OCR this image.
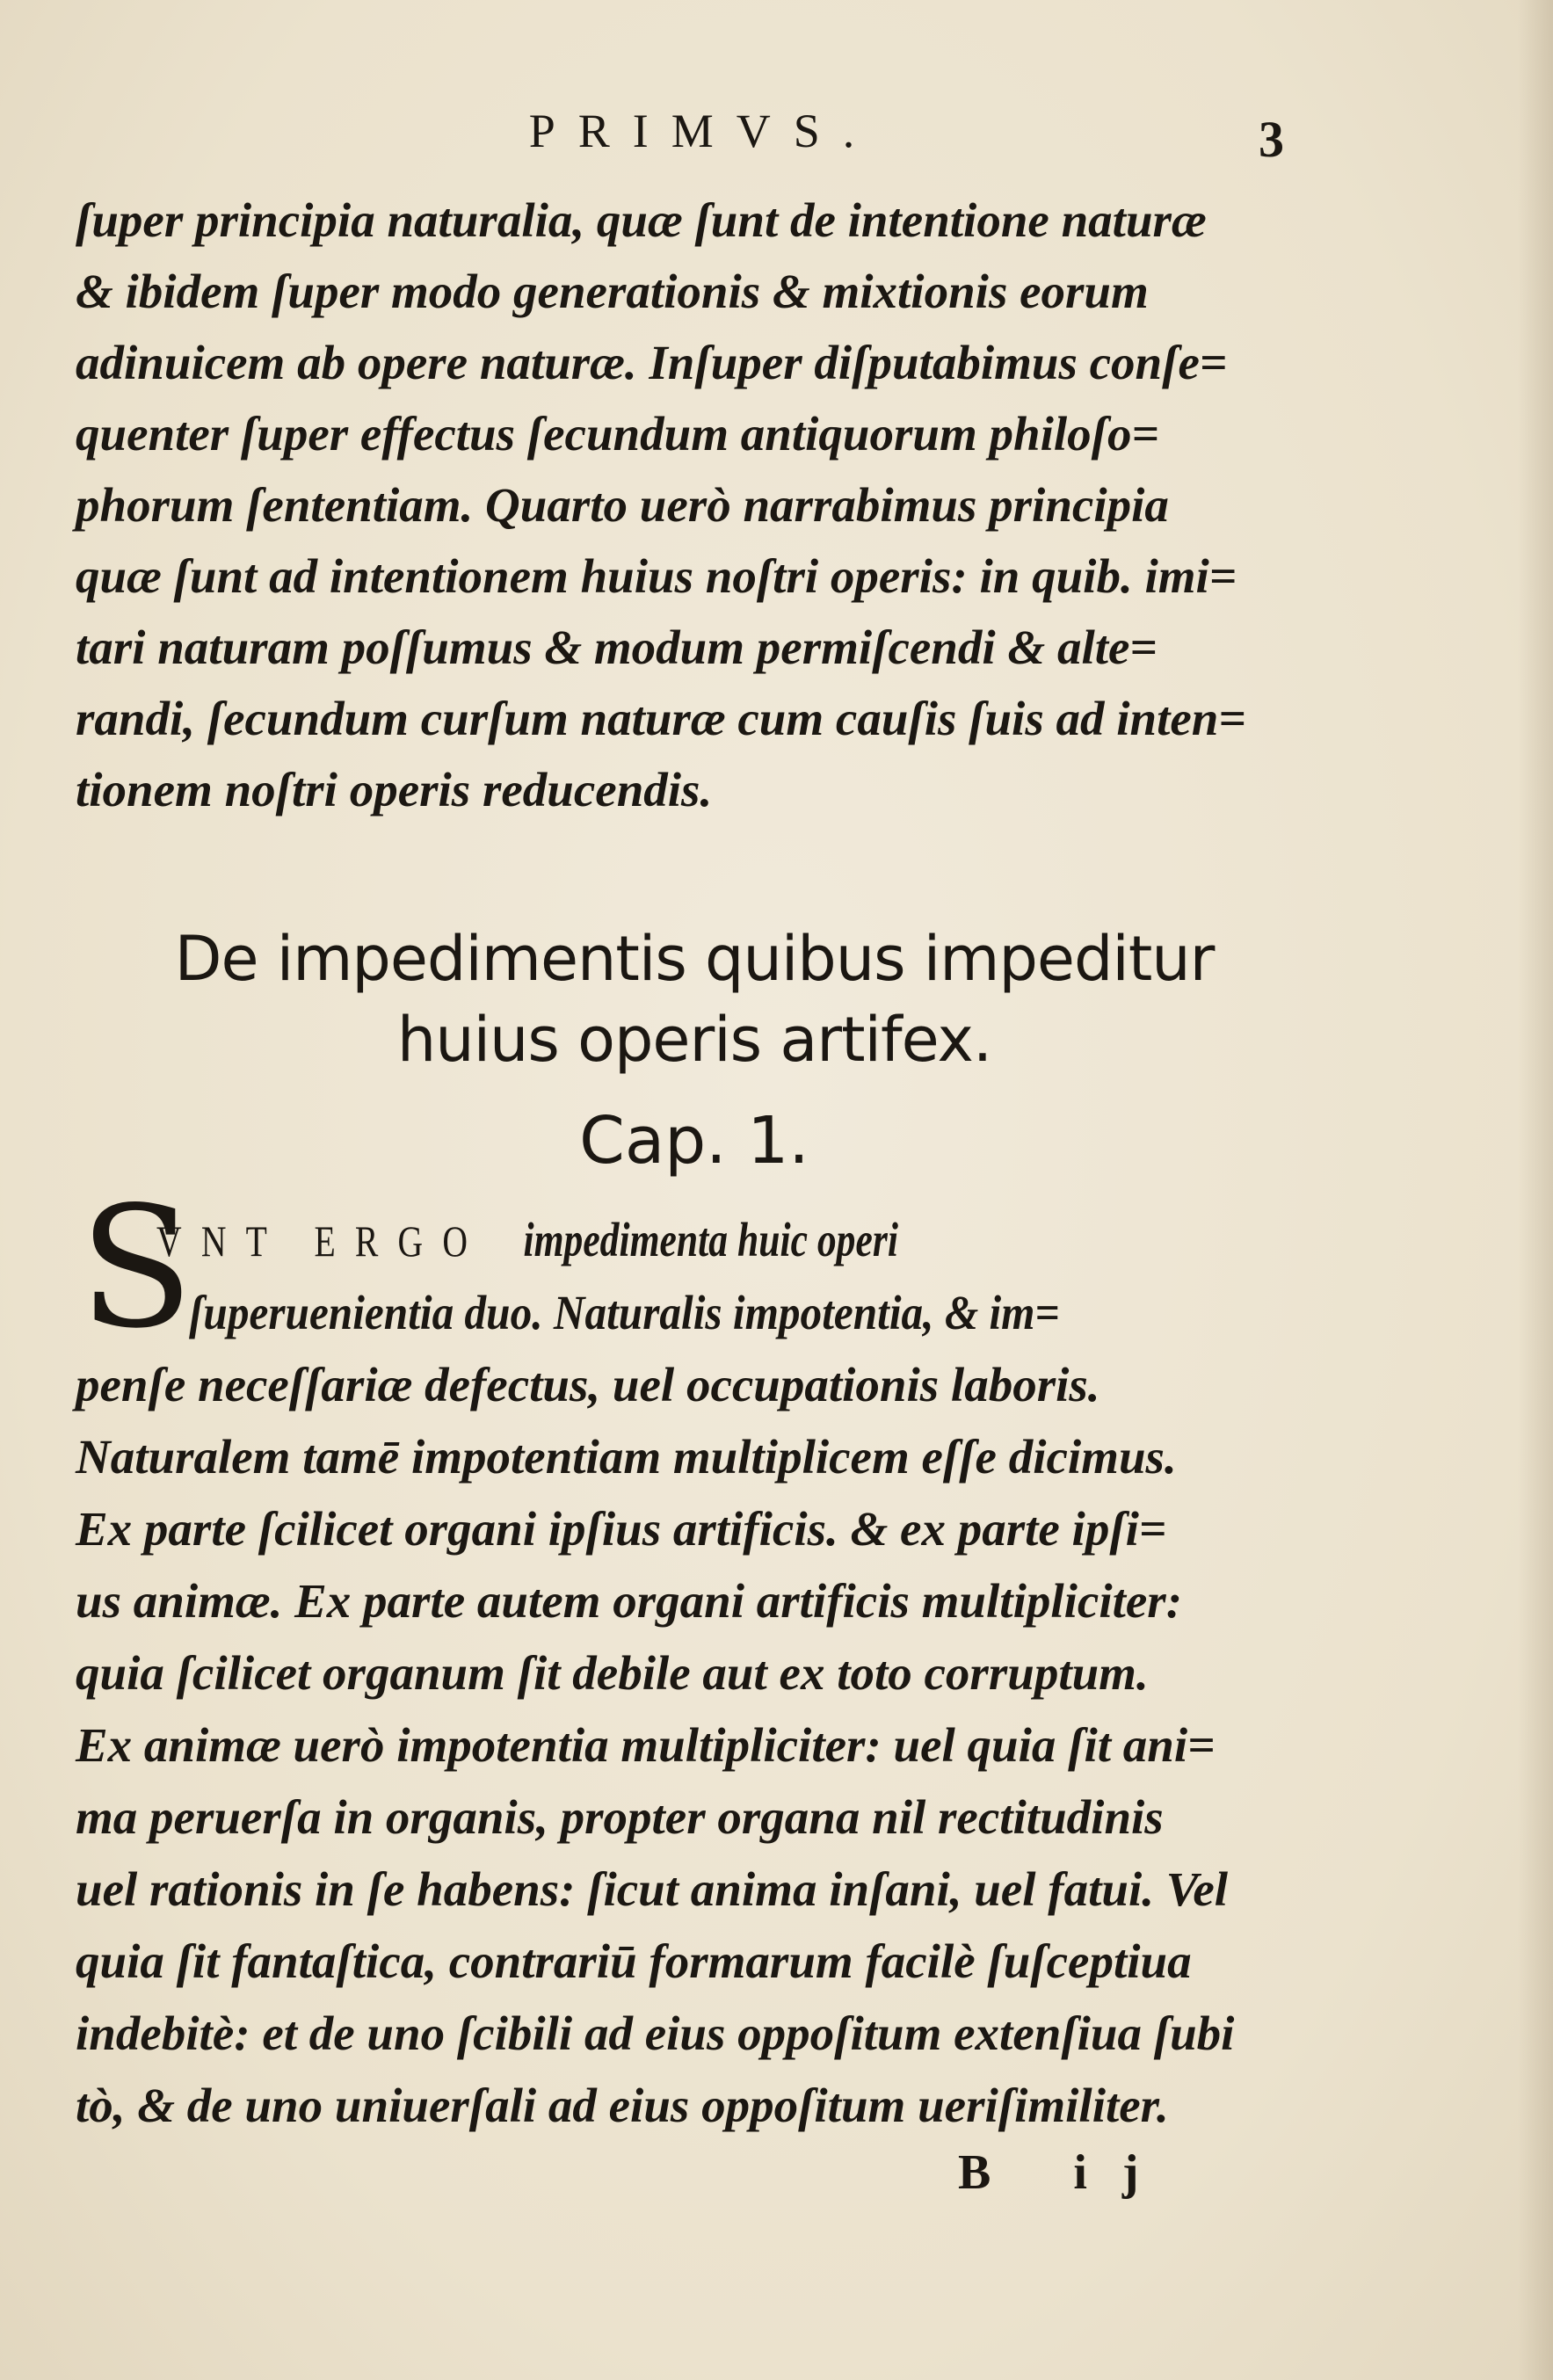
PRIMVS.	3
ſuper principia naturalia, quæ ſunt de intentione naturæ
& ibidem ſuper modo generationis & mixtionis eorum
adinuicem ab opere naturæ. Inſuper diſputabimus conſe=
quenter ſuper effectus ſecundum antiquorum philoſo=
phorum ſententiam. Quarto uerò narrabimus principia
quæ ſunt ad intentionem huius noſtri operis: in quib. imi=
tari naturam poſſumus & modum permiſcendi & alte=
randi, ſecundum curſum naturæ cum cauſis ſuis ad inten=
tionem noſtri operis reducendis.
De impedimentis quibus impeditur
huius operis artifex.
Cap. 1.
S
VNT ERGO impedimenta huic operi
ſuperuenientia duo. Naturalis impotentia, & im=
penſe neceſſariæ defectus, uel occupationis laboris.
Naturalem tamē impotentiam multiplicem eſſe dicimus.
Ex parte ſcilicet organi ipſius artificis. & ex parte ipſi=
us animæ. Ex parte autem organi artificis multipliciter:
quia ſcilicet organum ſit debile aut ex toto corruptum.
Ex animæ uerò impotentia multipliciter: uel quia ſit ani=
ma peruerſa in organis, propter organa nil rectitudinis
uel rationis in ſe habens: ſicut anima inſani, uel fatui. Vel
quia ſit fantaſtica, contrariū formarum facilè ſuſceptiua
indebitè: et de uno ſcibili ad eius oppoſitum extenſiua ſubi
tò, & de uno uniuerſali ad eius oppoſitum ueriſimiliter.
B ij
